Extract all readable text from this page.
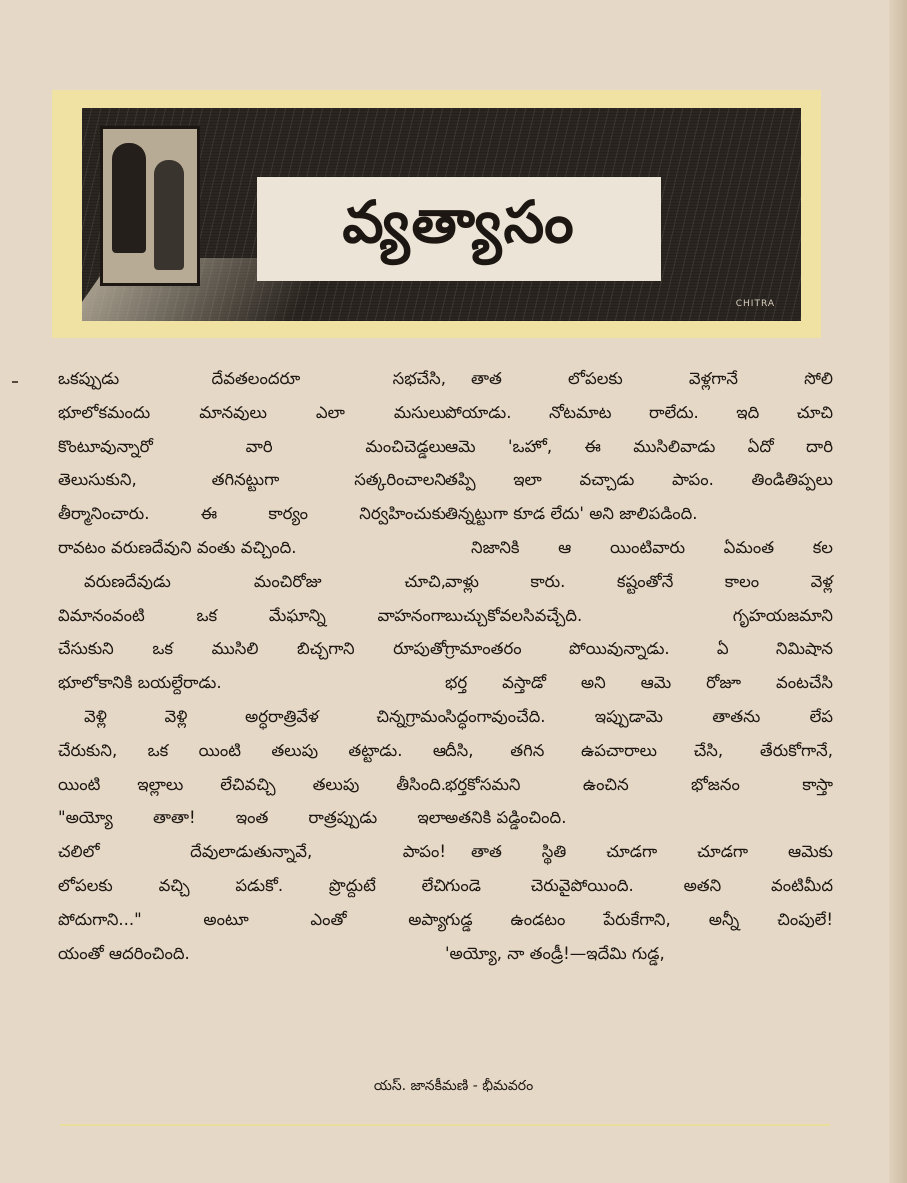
వ్యత్యాసం
CHITRA

ఒకప్పుడు దేవతలందరూ సభచేసి,
భూలోకమందు మానవులు ఎలా మసులు
కొంటూవున్నారో వారి మంచిచెడ్డలు
తెలుసుకుని, తగినట్టుగా సత్కరించాలని
తీర్మానించారు. ఈ కార్యం నిర్వహించుకు
రావటం వరుణదేవుని వంతు వచ్చింది.

వరుణదేవుడు మంచిరోజు చూచి,
విమానంవంటి ఒక మేఘాన్ని వాహనంగా
చేసుకుని ఒక ముసిలి బిచ్చగాని రూపుతో
భూలోకానికి బయల్దేరాడు.

వెళ్లి వెళ్లి అర్ధరాత్రివేళ చిన్నగ్రామం
చేరుకుని, ఒక యింటి తలుపు తట్టాడు. ఆ
యింటి ఇల్లాలు లేచివచ్చి తలుపు తీసింది.
"అయ్యో తాతా! ఇంత రాత్రప్పుడు ఇలా
చలిలో దేవులాడుతున్నావే, పాపం!
లోపలకు వచ్చి పడుకో. ప్రొద్దుటే లేచి
పోదుగాని..." అంటూ ఎంతో అప్యా
యంతో ఆదరించింది.

తాత లోపలకు వెళ్లగానే సోలి
పోయాడు. నోటమాట రాలేదు. ఇది చూచి
ఆమె 'ఒహో, ఈ ముసిలివాడు ఏదో దారి
తప్పి ఇలా వచ్చాడు పాపం. తిండితిప్పలు
తిన్నట్టుగా కూడ లేదు' అని జాలిపడింది.

నిజానికి ఆ యింటివారు ఏమంత కల
వాళ్లు కారు. కష్టంతోనే కాలం వెళ్ల
బుచ్చుకోవలసివచ్చేది. గృహయజమాని
గ్రామాంతరం పోయివున్నాడు. ఏ నిమిషాన
భర్త వస్తాడో అని ఆమె రోజూ వంటచేసి
సిద్ధంగావుంచేది. ఇప్పుడామె తాతను లేప
దీసి, తగిన ఉపచారాలు చేసి, తేరుకోగానే,
భర్తకోసమని ఉంచిన భోజనం కాస్తా
అతనికి పడ్డించింది.

తాత స్థితి చూడగా చూడగా ఆమెకు
గుండె చెరువైపోయింది. అతని వంటిమీద
గుడ్డ ఉండటం పేరుకేగాని, అన్నీ చింపులే!
'అయ్యో, నా తండ్రీ!—ఇదేమి గుడ్డ,

యస్. జానకీమణి - భీమవరం
